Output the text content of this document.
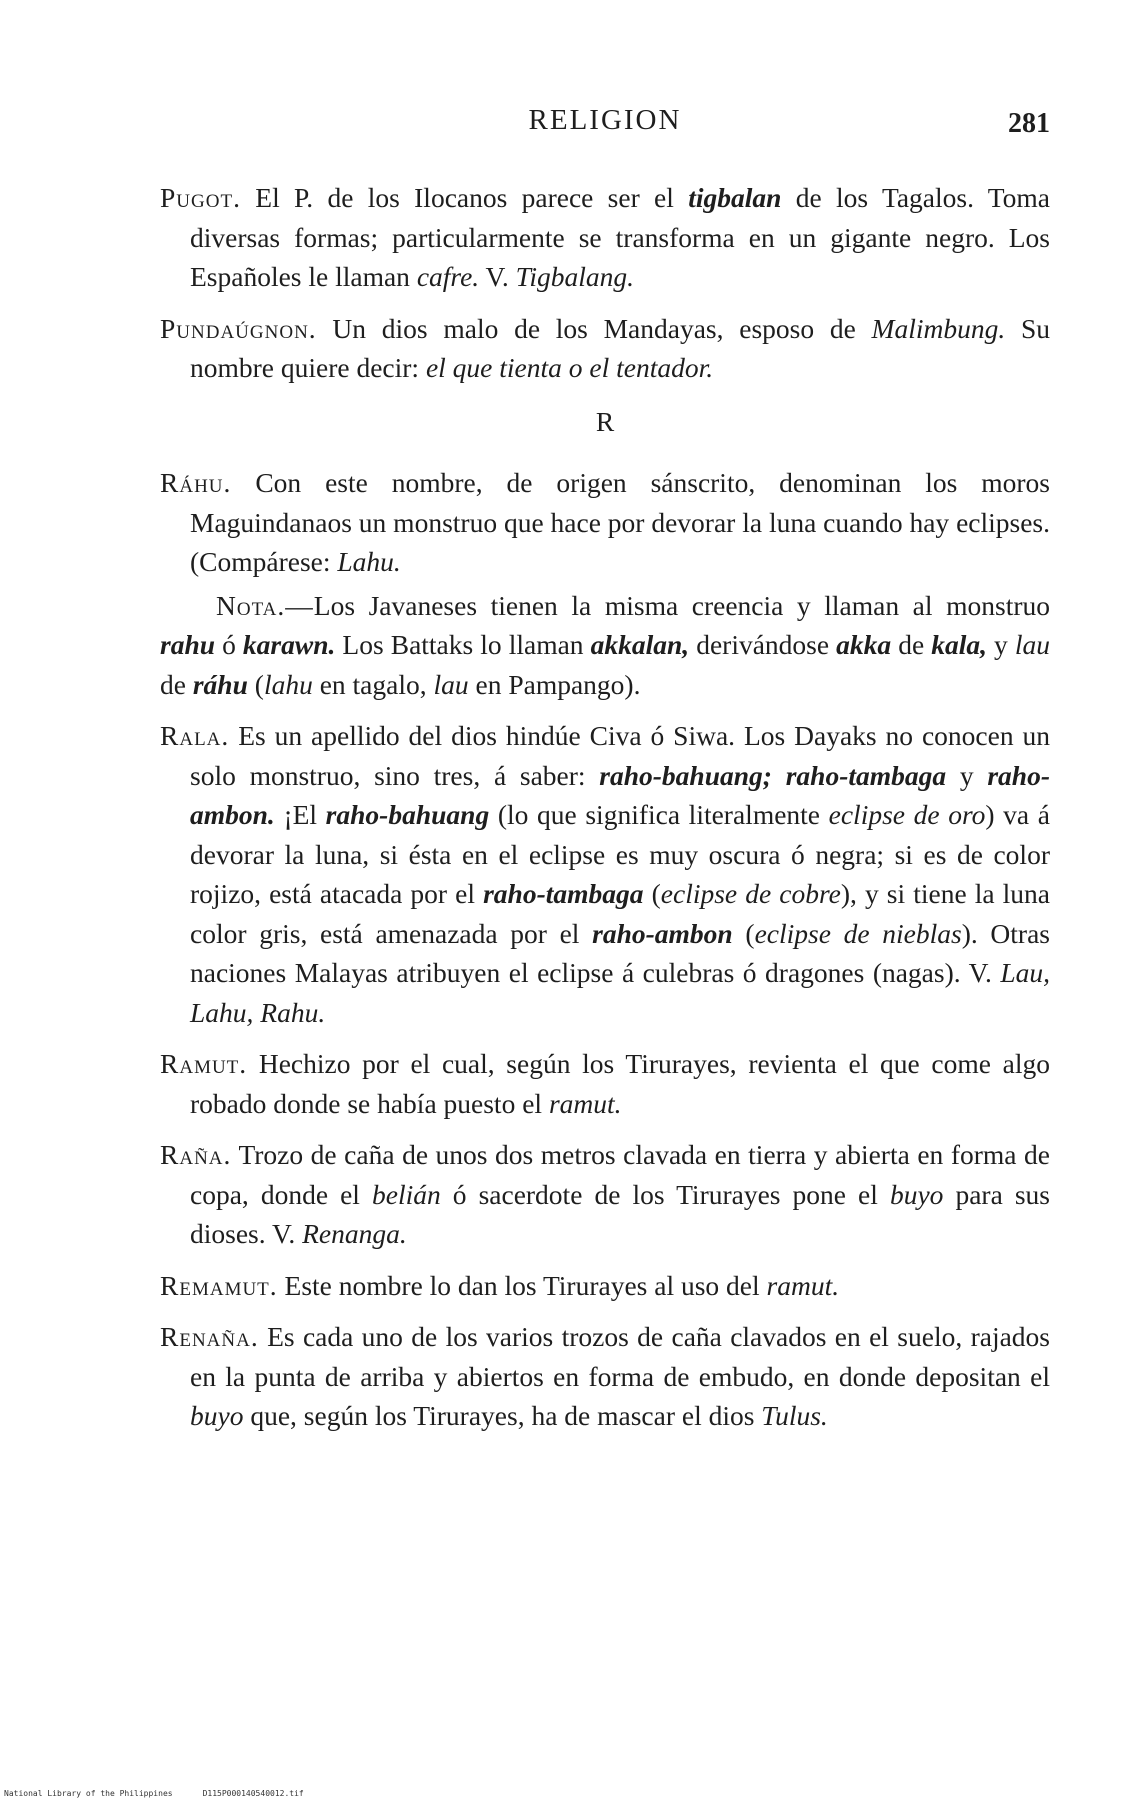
RELIGION	281

Pugot. El P. de los Ilocanos parece ser el tigbalan de los Tagalos. Toma diversas formas; particularmente se transforma en un gigante negro. Los Españoles le llaman cafre. V. Tigbalang.

Pundaúgnon. Un dios malo de los Mandayas, esposo de Malimbung. Su nombre quiere decir: el que tienta o el tentador.

R

Ráhu. Con este nombre, de origen sánscrito, denominan los moros Maguindanaos un monstruo que hace por devorar la luna cuando hay eclipses. (Compárese: Lahu.

Nota.—Los Javaneses tienen la misma creencia y llaman al monstruo rahu ó karawn. Los Battaks lo llaman akkalan, derivándose akka de kala, y lau de ráhu (lahu en tagalo, lau en Pampango).

Rala. Es un apellido del dios hindúe Civa ó Siwa. Los Dayaks no conocen un solo monstruo, sino tres, á saber: raho-bahuang; raho-tambaga y raho-ambon. ¡El raho-bahuang (lo que significa literalmente eclipse de oro) va á devorar la luna, si ésta en el eclipse es muy oscura ó negra; si es de color rojizo, está atacada por el raho-tambaga (eclipse de cobre), y si tiene la luna color gris, está amenazada por el raho-ambon (eclipse de nieblas). Otras naciones Malayas atribuyen el eclipse á culebras ó dragones (nagas). V. Lau, Lahu, Rahu.

Ramut. Hechizo por el cual, según los Tirurayes, revienta el que come algo robado donde se había puesto el ramut.

Raña. Trozo de caña de unos dos metros clavada en tierra y abierta en forma de copa, donde el belián ó sacerdote de los Tirurayes pone el buyo para sus dioses. V. Renanga.

Remamut. Este nombre lo dan los Tirurayes al uso del ramut.

Renaña. Es cada uno de los varios trozos de caña clavados en el suelo, rajados en la punta de arriba y abiertos en forma de embudo, en donde depositan el buyo que, según los Tirurayes, ha de mascar el dios Tulus.

National Library of the Philippines	D115P000140540012.tif
